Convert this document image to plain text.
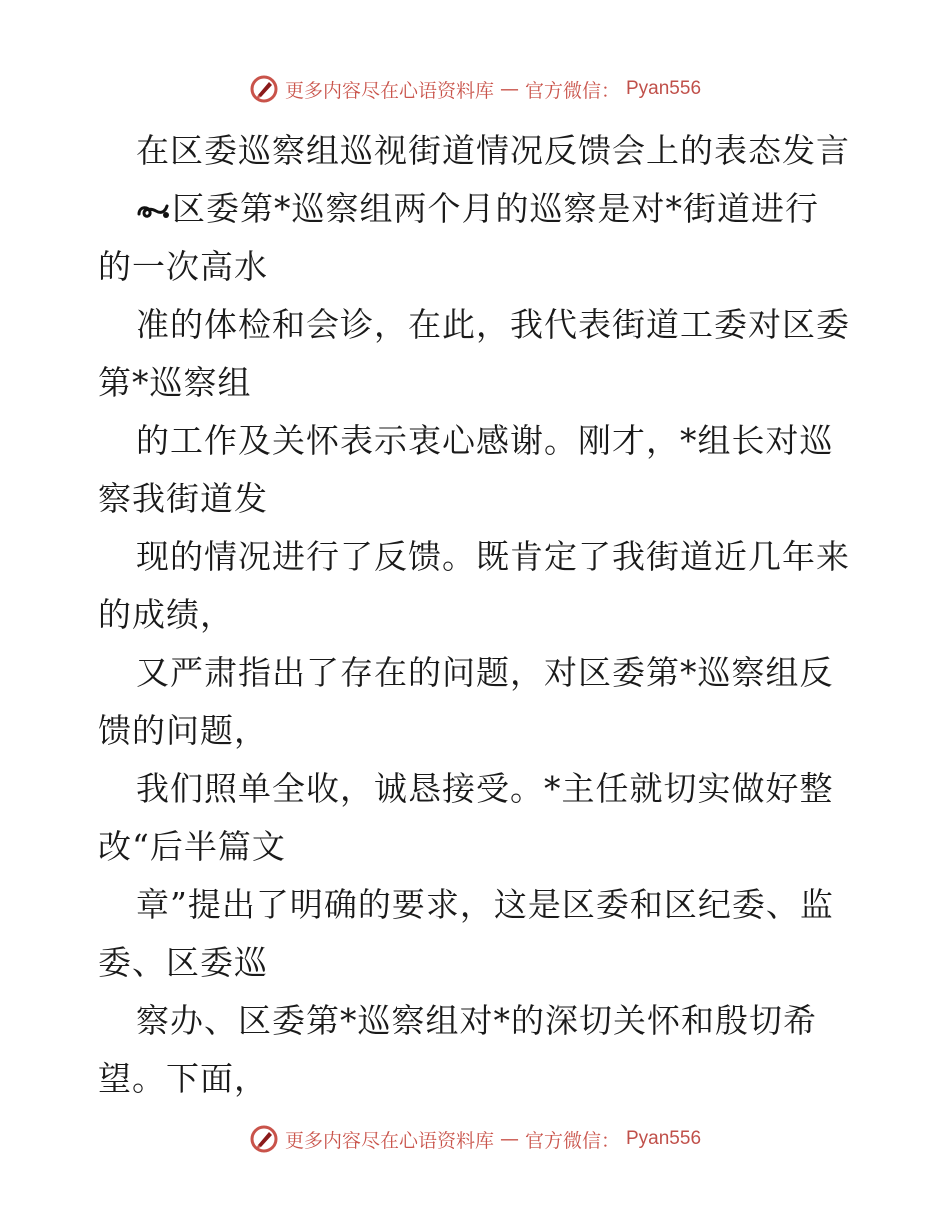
更多内容尽在心语资料库 — 官方微信： Pyan556
在区委巡察组巡视街道情况反馈会上的表态发言
区委第*巡察组两个月的巡察是对*街道进行
的一次高水
准的体检和会诊，在此，我代表街道工委对区委
第*巡察组
的工作及关怀表示衷心感谢。刚才，*组长对巡
察我街道发
现的情况进行了反馈。既肯定了我街道近几年来
的成绩，
又严肃指出了存在的问题，对区委第*巡察组反
馈的问题，
我们照单全收，诚恳接受。*主任就切实做好整
改“后半篇文
章”提出了明确的要求，这是区委和区纪委、监
委、区委巡
察办、区委第*巡察组对*的深切关怀和殷切希
望。下面，
更多内容尽在心语资料库 — 官方微信： Pyan556
